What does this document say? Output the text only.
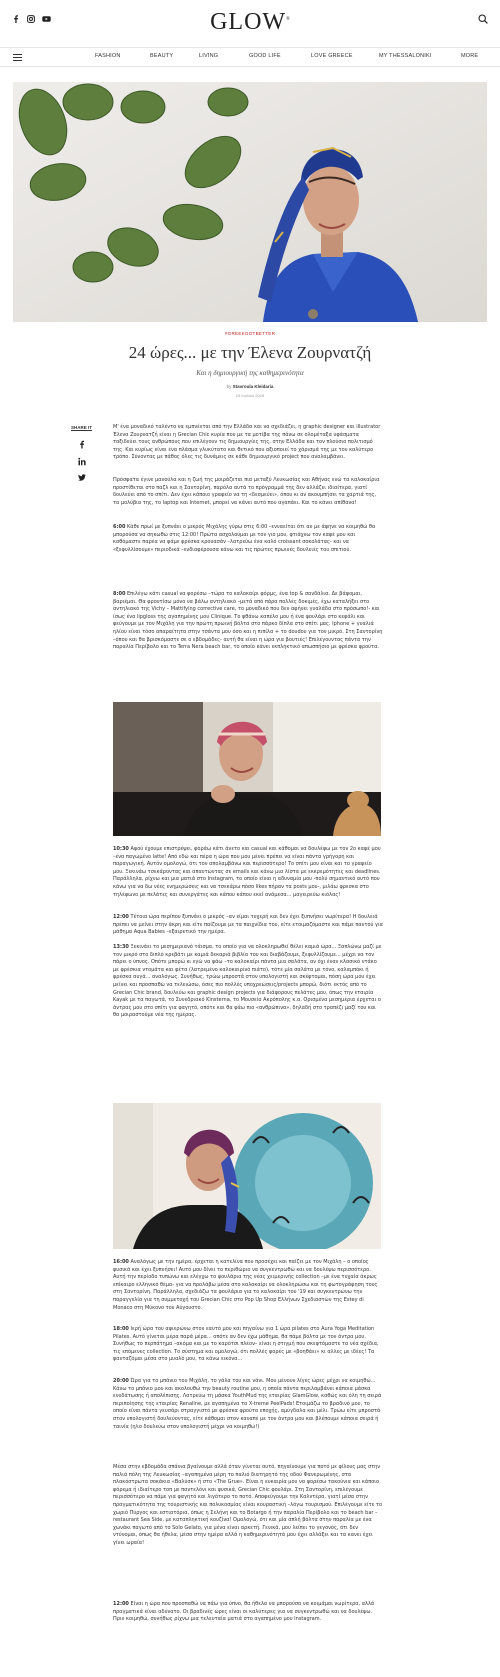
GLOW®
FASHION	BEAUTY	LIVING	GOOD LIFE	LOVE GREECE	MY THESSALONIKI	MORE
#GREEKGOTBETTER
24 ώρες... με την Έλενα Ζουρνατζή
Και η δημιουργική της καθημερινότητα
by Stavroula Kleidaria
19 Ιουλίου 2018
SHARE IT	Μ' ένα μοναδικό ταλέντο να εμπνέεται από την Ελλάδα και να σχεδιάζει, η graphic designer και illustrator Έλενα Ζουρνατζή είναι η Grecian Chic κυρία που με τα μοτίβα της πάνω σε ολομέταξα υφάσματα ταξιδεύει τους ανθρώπους που επιλέγουν τις δημιουργίες της, στην Ελλάδα και τον πλούσιο πολιτισμό της. Και κυρίως είναι ένα πλάσμα γλυκύτατο και θετικό που αξιοποιεί το χάρισμά της με τον καλύτερο τρόπο. Σύνοντας με πάθος όλες τις δυνάμεις σε κάθε δημιουργικό project που αναλαμβάνει.

Πρόσφατα έγινε μανούλα και η ζωή της μοιράζεται πια μεταξύ Λευκωσίας και Αθήνας ενώ τα καλοκαίρια προστίθεται στο παζλ και η Σαντορίνη, παρόλα αυτά το πρόγραμμά της δεν αλλάζει ιδιαίτερα, γιατί δουλεύει από το σπίτι. Δεν έχει κάποιο γραφείο να τη «δεσμεύει», όπου κι αν ακουμπήσει τα χαρτιά της, τα μολύβια της, το laptop και Internet, μπορεί να κάνει αυτό που αγαπάει. Και το κάνει απίθανα!

6:00 Κάθε πρωί με ξυπνάει ο μικρός Μιχάλης γύρω στις 6:00 –ενναείται ότι αν με άφηνε να κοιμηθώ θα μπορούσα να σηκωθώ στις 12:00! Πρώτα ασχολούμαι με τον γιο μου, φτιάχνω τον καφέ μου και καθόμαστε παρέα να φάμε φρέσκα κρουασάν –λατρεύω ένα καλό croissant σοκολάτας- και να «ξεφυλλίσουμε» περιοδικά –ενδιαφέρουσα κάνω και τις πρώτες πρωινές δουλειές του σπιτιού.

8:00 Επιλέγω κάτι casual να φορέσω –τώρα το καλοκαίρι φόρμς, ένα top & σανδάλια. Δε βάφομαι, βαριέμαι. Θα φροντίσω μόνο να βάλω αντηλιακό –μετά από πάρα πολλές δοκιμές, έχω καταλήξει στο αντηλιακό της Vichy – Mattifying corrective care, το μοναδικό που δεν αφήνει γυαλάδα στο πρόσωπο!- και ίσως ένα lipgloss της αγαπημένης μου Clinique. Το φθάνω καπέλο μου ή ένα φουλάρι στο κεφάλι και φεύγουμε με τον Μιχάλη για την πρώτη πρωινή βόλτα στο πάρκο δίπλα στο σπίτι μας. Iphone + γυαλιά ηλίου είναι τόσο απαραίτητα στην τσάντα μου όσο και η πιπίλα + το dουdου για τον μικρό. Στη Σαντορίνη –όπου και θα βρισκόμαστε σε ο εβδομάδες- αυτή θα είναι η ώρα για βουτιές! Επιλέγουντας πάντα την παραλία Περίβολο και το Terra Nera beach bar, το οποίο κάνει εκπληκτικό απωσπήσιο με φρέσκα φρούτα.

10:30 Αφού έχουμε επιστρέψει, φοράω κάτι άνετο και casual και κάθομαι να δουλέψω με τον 2ο καφέ μου –ένα παγωμένο latte! Από εδώ και πέρα η ώρα που μου μένει πρέπει να είναι πάντα γρήγορη και παραγωγική. Αυτόν ομολογώ, ότι τον απολαμβάνω και περισσότερο! Το σπίτι μου είναι και το γραφείο μου. Ξεκινάω τσεκάροντας και απαντώντας σε emails και κάνω μια λίστα με εκκρεμότητες και deadlines. Παράλληλα, ρίχνω και μια ματιά στο Instagram, το οποίο είναι η αδυναμία μου -πολύ σημαντικό αυτό που κάνω για να δω νέες ενημερώσεις και να τσεκάρω πόσο likes πήραν τα posts μου-, μιλάω φρεσκα στο τηλέφωνο με πελάτες και συνεργάτες και κάπου κάπου εκεί ανάμεσα... μαγειρεύω κιόλας!

12:00 Τέτοια ώρα περίπου ξυπνάει ο μικρός –αν είμαι τυχερή και δεν έχει ξυπνήσει νωρίτερα! Η δουλειά πρέπει να μείνει στην άκρη και είτε παίζουμε με τα παιχνίδια του, είτε ετοιμαζόμαστε και πάμε παντού για μάθημα Aqua Babies –εξαιρετικό την ημέρα.

13:30 Ξεκινάει το μεσημεριανό τάισμα, το οποίο για να ολοκληρωθεί θέλει καμιά ώρα... Ξαπλώνω μαζί με τον μικρό στο διπλό κρεβάτι με καμιά δεκαριά βιβλία του και διαβάζουμε, ξεφυλλίζουμε... μέχρι να τον πάρει ο ύπνος. Οπότε μπορώ κι εγώ να φάω –το καλοκαίρι πάντα μια σαλάτα, αν όχι έναν κλασικό ντάκο με φρέσκια ντομάτα και φέτα (λατρεμένο καλοκαιρινό πιάτο), τότε μία σαλάτα με τόνο, καλαμπόκι ή φρέσκα αυγά... αναλόγως. Συνήθως, τρώω μπροστά στον υπολογιστή και σκέφτομαι, πόση ώρα μου έχει μείνει και προσπαθώ να τελειώσω, όσες πιο πολλές υποχρεώσεις/projects μπορώ, διότι εκτός από το Grecian Chic brand, δουλεύω και graphic design projects για διάφορους πελάτες μου, όπως την εταιρία Kayak με τα παγωτά, το Συνεδριακό Kinsterna, το Μουσείο Ακρόπολης κ.α. Ορισμένα μεσημέρια έρχεται ο άντρας μου στο σπίτι για φαγητό, οπότε και θα φάω πιο «ανθρώπινα», δηλαδή στο τραπέζι μαζί του και θα μοιραστούμε νέα της ημέρας.

16:00 Αναλόγως με την ημέρα, έρχεται η κατελίνα που προσέχει και παίζει με τον Μιχάλη – ο οποίος φυσικά και έχει ξυπνήσει! Αυτό μου δίνει το περιθώριο να συγκεντρωθώ και να δουλέψω περισσότερο. Αυτή την περίοδο τυπώνω και ελέγχω το φουλάρια της νέας χειμερινής collection –με ένα τυχαία άκρως επίκαιρο ελληνικό θέμα- για να προλάβω μέσα στο καλοκαίρι να ολοκληρώσω και τη φωτογράφηση τους στη Σαντορίνη. Παράλληλα, σχεδιάζω τα φουλάρια για το καλοκαίρι του '19 και συγκεντρώνω την παραγγελία για τη συμμετοχή του Grecian Chic στο Pop Up Shop Ελλήνων Σχεδιαστών της Estey di Monaco στη Μύκονο τον Αύγουστο.

18:00 Ιερή ώρα του αφιερώνω στον εαυτό μου και πηγαίνω για 1 ώρα pilates στο Aura Yoga Meditation Pilates. Αυτό γίνεται μέρα παρά μέρα... οπότε αν δεν έχω μάθημα, θα πάμε βόλτα με τον άντρα μου. Συνήθως το περπάτημα –ακόμα και με το καρότσι πλέον– είναι η στιγμή που σκεφτόμαστε τα νέα σχέδια, τις επόμενες collection. Το σύστημα και ομολογώ, ότι πολλές φορές με «βοηθάει» κι αλλες με ιδέες! Τα φανταζόμαι μέσα στο μυαλό μου, τα κάνω εικόνα...

20:00 Ώρα για το μπάνιο του Μιχάλη, το γάλα του και νάνι. Μου μένουν λίγες ώρες μέχρι να κοιμηθώ... Κάνω το μπάνιο μου και ακολουθώ την beauty routine μου, η οποία πάντα περιλαμβάνει κάποια μάσκα ενυδάτωσης ή απολέπισης. Λατρεύω τη μάσκα YouthMud της εταιρίας GlamGlow, καθώς και όλη τη σειρά περιποίησης της εταιρίας Renaline, με αγαπημένα τα X-treme PeelPads! Ετοιμάζω το βραδινό μου, το οποίο είναι πάντα γευσάρι στραγγιστό με φρέσκα φρούτα εποχής, αμύγδαλα και μέλι. Τρώω είτε μπροστά στον υπολογιστή δουλεύοντας, είτε κάθομαι στον καναπέ με τον άντρα μου και βλέπουμε κάποια σειρά ή ταινία (η/ιο δουλεύω στον υπολογιστή μέχρι να κοιμηθώ!)

Μέσα στην εβδομάδα σπάνια βγαίνουμε αλλά όταν γίνεται αυτό, πηγαίνουμε για ποτό με φίλους μας στην παλιά πόλη της Λευκωσίας –αγαπημένα μέρη το παλιό διατηρητό της οδού Φανερωμένης, στα πλακόστρωτα σοκάκια «Βαλύσκ» ή στο «The Grue». Είναι η ευκαιρία μου να φορέσω τακούνια και κάποιο φόρεμα ή ιδιαίτερο τοπ με παντελόνι και φυσικά, Grecian Chic φουλάρι. Στη Σαντορίνη, επιλέγουμε περισσότερο να πάμε για φαγητό και λιγότερο το ποτό. Αποφεύγουμε την Καλντέρα, γιατί μέσα στην πραγματικότητα της τουριστικής και πολυκοσμίας είναι κουραστική –λόγω τουρισμού. Επιλέγουμε είτε το χωριό Πύργος και εστιατόρια, όπως η Σελήνη και το Botargo ή την παραλία Περίβολο και το beach bar – restaurant Sea Side, με καταπληκτική κουζίνα! Ομολογώ, ότι και μία απλή βόλτα στην παραλία με ένα χωνάκι παγωτό από το Solo Gelato, για μένα είναι αρκετή. Γενικά, μου λείπει το γεγονός, ότι δεν ντύνομαι, όπως θα ήθελα, μέσα στην ημέρα αλλά η καθημερινότητά μου έχει αλλάξει και τα κανει έχει γίνει ωραία!

12:00 Είναι η ώρα που προσπαθώ να πάω για ύπνο, θα ήθελα να μπορούσα να κοιμάμαι νωρίτερα, αλλά πραγματικά είναι αδύνατο. Οι βραδινές ώρες είναι οι καλύτερες για να συγκεντρωθώ και να δουλέψω. Πριν κοιμηθώ, συνήθως ρίχνω μια τελευταία ματιά στο αγαπημένο μου Instagram.
